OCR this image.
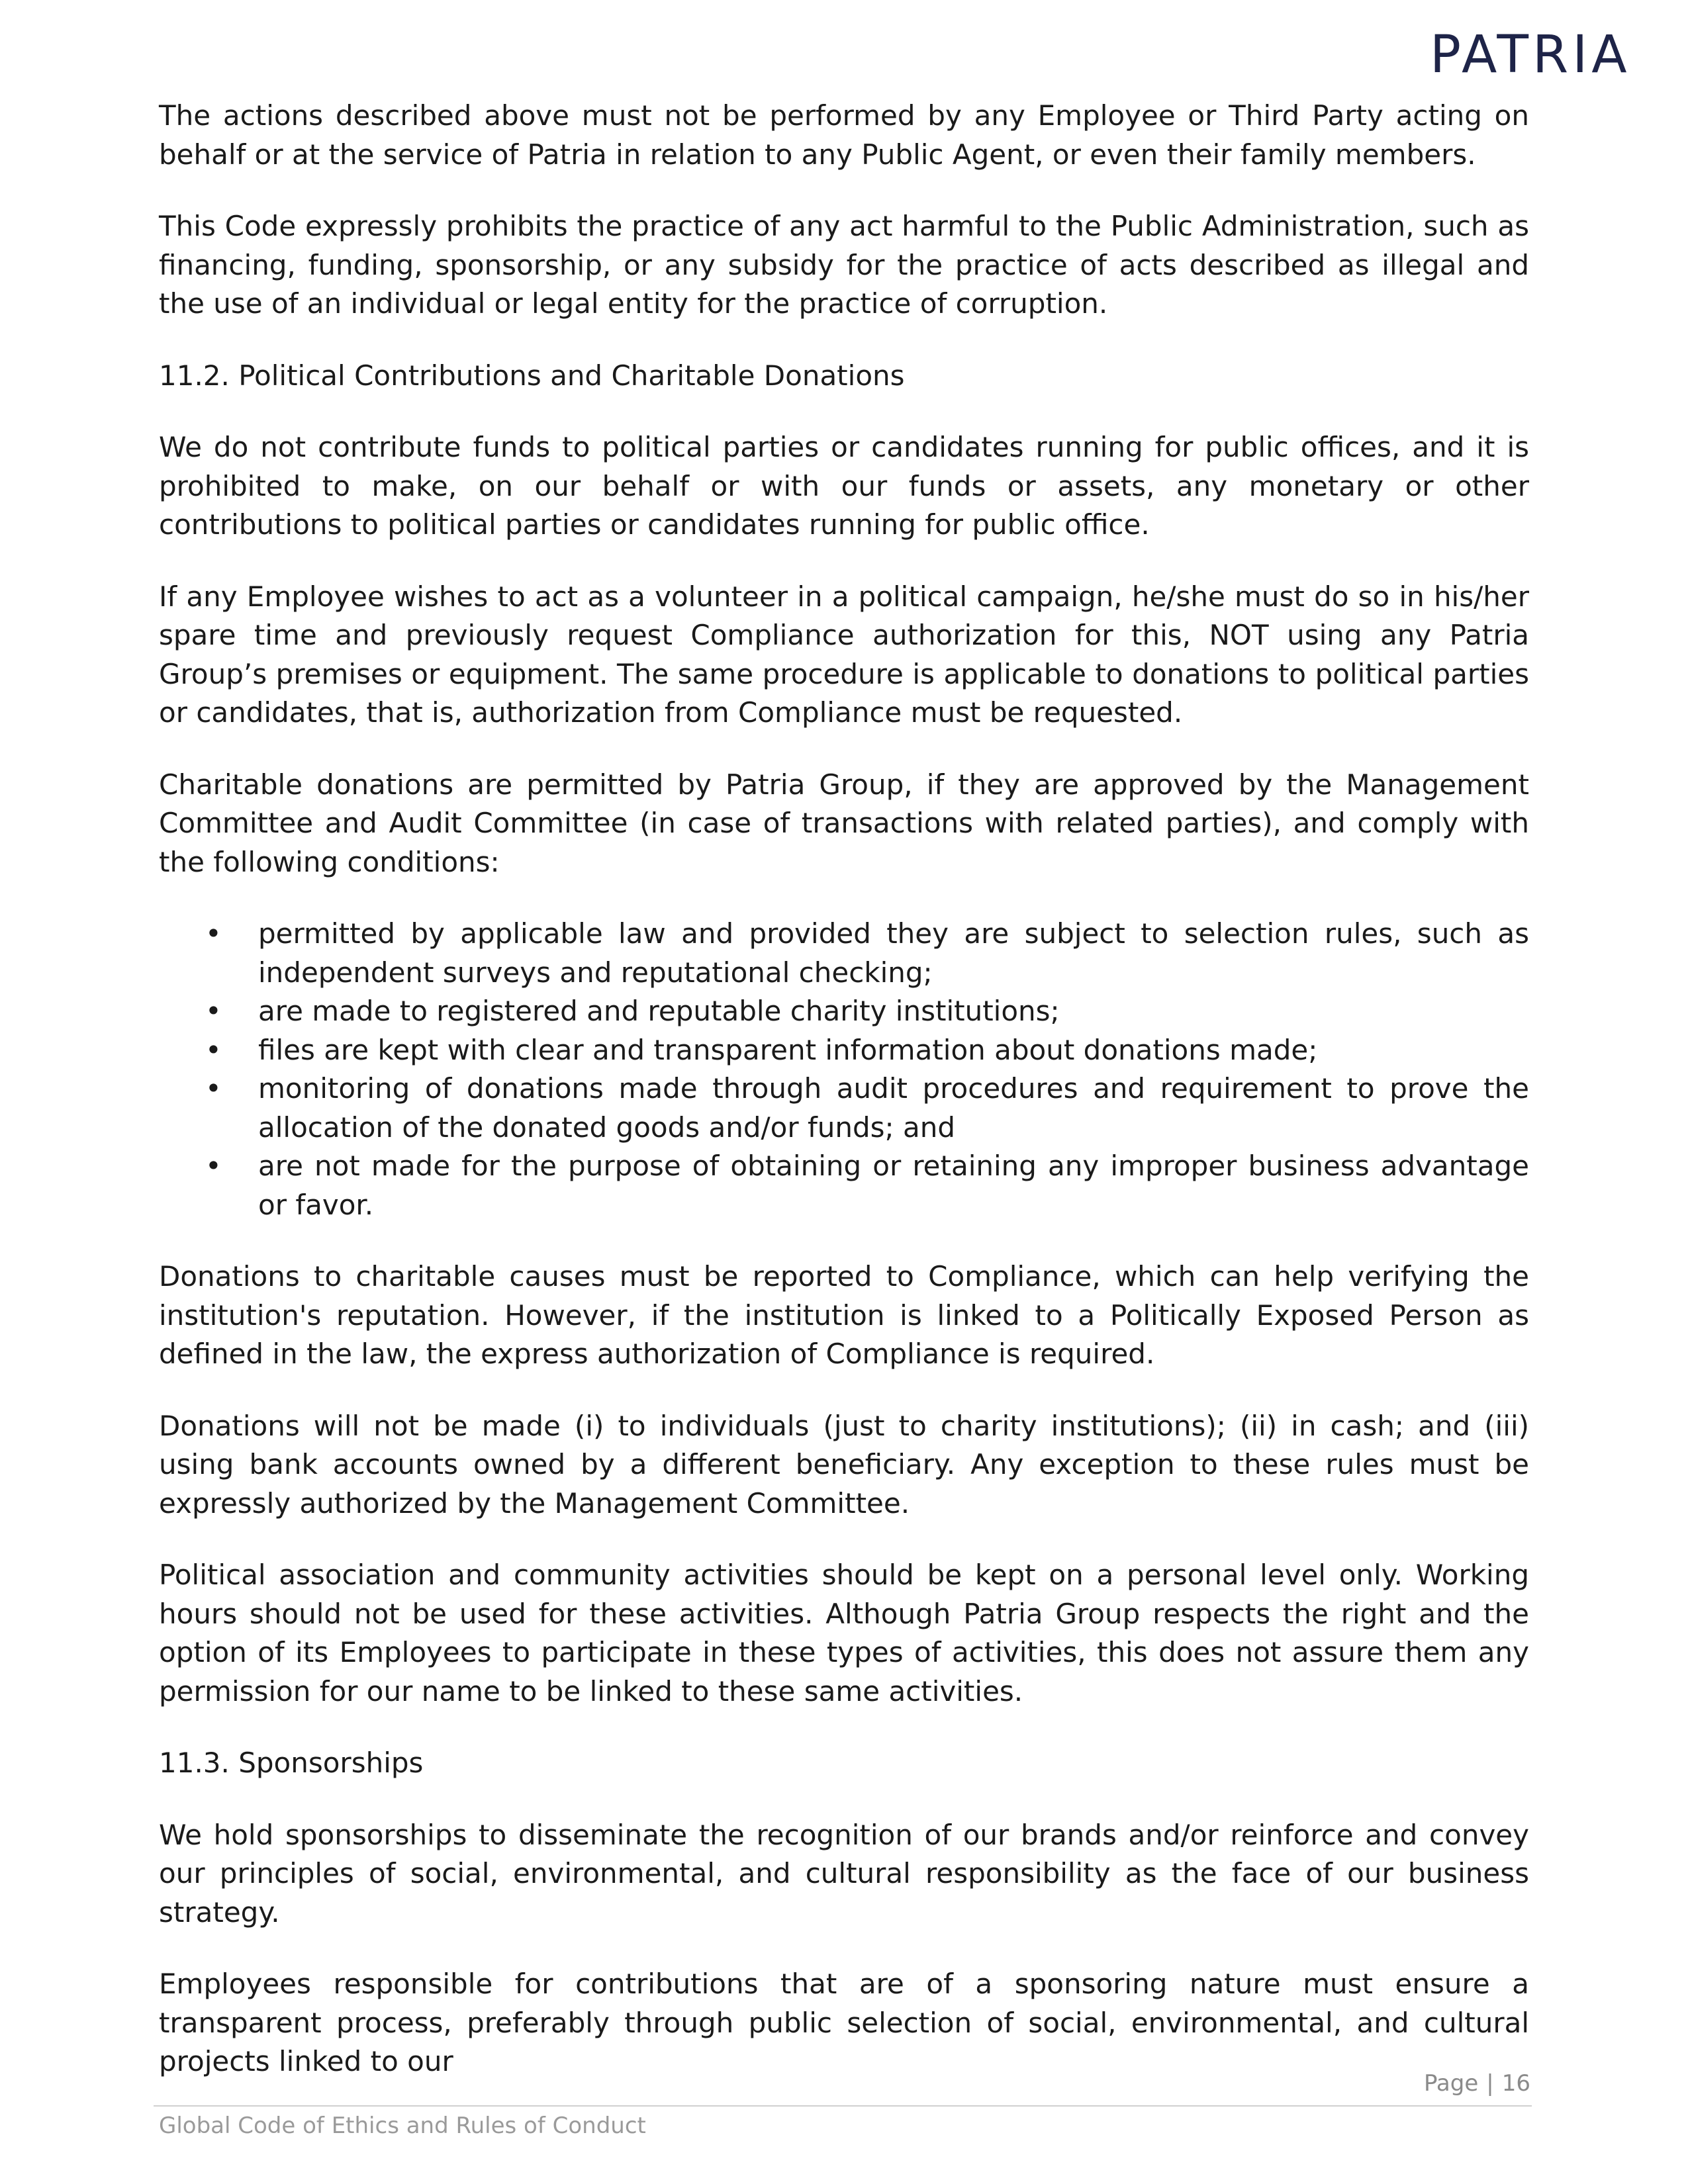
PATRIA

The actions described above must not be performed by any Employee or Third Party acting on behalf or at the service of Patria in relation to any Public Agent, or even their family members.

This Code expressly prohibits the practice of any act harmful to the Public Administration, such as financing, funding, sponsorship, or any subsidy for the practice of acts described as illegal and the use of an individual or legal entity for the practice of corruption.

11.2. Political Contributions and Charitable Donations

We do not contribute funds to political parties or candidates running for public offices, and it is prohibited to make, on our behalf or with our funds or assets, any monetary or other contributions to political parties or candidates running for public office.

If any Employee wishes to act as a volunteer in a political campaign, he/she must do so in his/her spare time and previously request Compliance authorization for this, NOT using any Patria Group’s premises or equipment. The same procedure is applicable to donations to political parties or candidates, that is, authorization from Compliance must be requested.

Charitable donations are permitted by Patria Group, if they are approved by the Management Committee and Audit Committee (in case of transactions with related parties), and comply with the following conditions:

• permitted by applicable law and provided they are subject to selection rules, such as independent surveys and reputational checking;
• are made to registered and reputable charity institutions;
• files are kept with clear and transparent information about donations made;
• monitoring of donations made through audit procedures and requirement to prove the allocation of the donated goods and/or funds; and
• are not made for the purpose of obtaining or retaining any improper business advantage or favor.

Donations to charitable causes must be reported to Compliance, which can help verifying the institution's reputation. However, if the institution is linked to a Politically Exposed Person as defined in the law, the express authorization of Compliance is required.

Donations will not be made (i) to individuals (just to charity institutions); (ii) in cash; and (iii) using bank accounts owned by a different beneficiary. Any exception to these rules must be expressly authorized by the Management Committee.

Political association and community activities should be kept on a personal level only. Working hours should not be used for these activities. Although Patria Group respects the right and the option of its Employees to participate in these types of activities, this does not assure them any permission for our name to be linked to these same activities.

11.3. Sponsorships

We hold sponsorships to disseminate the recognition of our brands and/or reinforce and convey our principles of social, environmental, and cultural responsibility as the face of our business strategy.

Employees responsible for contributions that are of a sponsoring nature must ensure a transparent process, preferably through public selection of social, environmental, and cultural projects linked to our

Page | 16
Global Code of Ethics and Rules of Conduct
